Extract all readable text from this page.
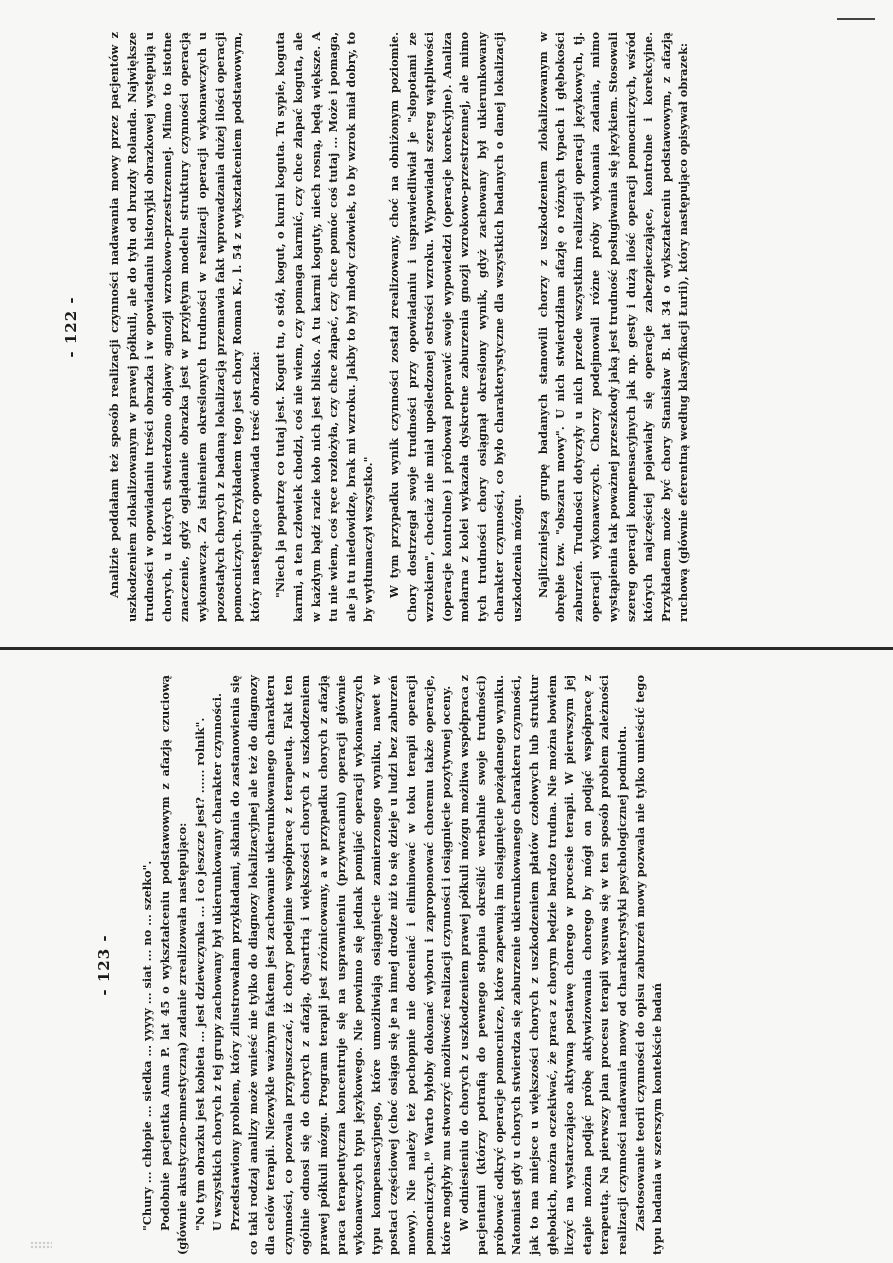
- 122 - Analizie poddałam też sposób realizacji czynności nadawania mowy przez pacjentów z uszkodzeniem zlokalizowanym w prawej półkuli, ale do tyłu od bruzdy Rolanda. Największe trudności w opowiadaniu treści obrazka i w opowiadaniu historyjki obrazkowej występują u chorych, u których stwierdzono objawy agnozji wzrokowo-przestrzennej. Mimo to istotne znaczenie, gdyż oglądanie obrazka jest w przyjętym modelu struktury czynności operacją wykonawczą. Za istnieniem określonych trudności w realizacji operacji wykonawczych u pozostałych chorych z badaną lokalizacją przemawia fakt wprowadzania dużej ilości operacji pomocniczych. Przykładem tego jest chory Roman K., l. 54 z wykształceniem podstawowym, który następująco opowiada treść obrazka: "Niech ja popatrzę co tutaj jest. Kogut tu, o stół, kogut, o kurni koguta. Tu sypie, koguta karmi, a ten człowiek chodzi, coś nie wiem, czy pomaga karmić, czy chce złapać koguta, ale w każdym bądź razie koło nich jest blisko. A tu karmi koguty, niech rosną, będą większe. A tu nie wiem, coś ręce rozłożyła, czy chce złapać, czy chce pomóc coś tutaj ... Może i pomaga, ale ja tu niedowidzę, brak mi wzroku. Jakby to był młody człowiek, to by wzrok miał dobry, to by wytłumaczył wszystko." W tym przypadku wynik czynności został zrealizowany, choć na obniżonym poziomie. Chory dostrzegał swoje trudności przy opowiadaniu i usprawiedliwiał je "słopotami ze wzrokiem", chociaż nie miał upośledzonej ostrości wzroku. Wypowiadał szereg wątpliwości (operacje kontrolne) i próbował poprawić swoje wypowiedzi (operacje korekcyjne). Analiza mołarna z kolei wykazała dyskretne zaburzenia gnozji wzrokowo-przestrzennej, ale mimo tych trudności chory osiągnął określony wynik, gdyż zachowany był ukierunkowany charakter czynności, co było charakterystyczne dla wszystkich badanych o danej lokalizacji uszkodzenia mózgu. Najliczniejszą grupę badanych stanowili chorzy z uszkodzeniem zlokalizowanym w obrębie tzw. "obszaru mowy". U nich stwierdziłam afazję o różnych typach i głębokości zaburzeń. Trudności dotyczyły u nich przede wszystkim realizacji operacji językowych, tj. operacji wykonawczych. Chorzy podejmowali różne próby wykonania zadania, mimo wystąpienia tak poważnej przeszkody jaką jest trudność posługiwania się językiem. Stosowali szereg operacji kompensacyjnych jak np. gesty i dużą ilość operacji pomocniczych, wśród których najczęściej pojawiały się operacje zabezpieczające, kontrolne i korekcyjne. Przykładem może być chory Stanisław B. lat 34 o wykształceniu podstawowym, z afazją ruchową (głównie eferentną według klasyfikacji Łurii), który następująco opisywał obrazek:

- 123 - "Chury ... chłopie ... siedka ... yyyyy ... siat ... no ... szełko". Podobnie pacjentka Anna P. lat 45 o wykształceniu podstawowym z afazją czuciową (głównie akustyczno-mnestyczną) zadanie zrealizowała następująco: "No tym obrazku jest kobieta ... jest dziewczynka ... i co jeszcze jest? ...... rolnik". U wszystkich chorych z tej grupy zachowany był ukierunkowany charakter czynności. Przedstawiony problem, który zilustrowałam przykładami, skłania do zastanowienia się co taki rodzaj analizy może wnieść nie tylko do diagnozy lokalizacyjnej ale też do diagnozy dla celów terapii. Niezwykle ważnym faktem jest zachowanie ukierunkowanego charakteru czynności, co pozwala przypuszczać, iż chory podejmie współpracę z terapeutą. Fakt ten ogólnie odnosi się do chorych z afazją, dysartrią i większości chorych z uszkodzeniem prawej półkuli mózgu. Program terapii jest zróżnicowany, a w przypadku chorych z afazją praca terapeutyczna koncentruje się na usprawnieniu (przywracaniu) operacji głównie wykonawczych typu językowego. Nie powinno się jednak pomijać operacji wykonawczych typu kompensacyjnego, które umożliwiają osiągnięcie zamierzonego wyniku, nawet w postaci częściowej (choć osiąga się je na innej drodze niż to się dzieje u ludzi bez zaburzeń mowy). Nie należy też pochopnie nie doceniać i eliminować w toku terapii operacji pomocniczych.¹⁰ Warto byłoby dokonać wyboru i zaproponować choremu także operacje, które mogłyby mu stworzyć możliwość realizacji czynności i osiągnięcie pozytywnej oceny. W odniesieniu do chorych z uszkodzeniem prawej półkuli mózgu możliwa współpraca z pacjentami (którzy potrafią do pewnego stopnia określić werbalnie swoje trudności) próbować odkryć operacje pomocnicze, które zapewnią im osiągnięcie pożądanego wyniku. Natomiast gdy u chorych stwierdza się zaburzenie ukierunkowanego charakteru czynności, jak to ma miejsce u większości chorych z uszkodzeniem płatów czołowych lub struktur głębokich, można oczekiwać, że praca z chorym będzie bardzo trudna. Nie można bowiem liczyć na wystarczająco aktywną postawę chorego w procesie terapii. W pierwszym jej etapie można podjąć próbę aktywizowania chorego by mógł on podjąć współpracę z terapeutą. Na pierwszy plan procesu terapii wysuwa się w ten sposób problem zależności realizacji czynności nadawania mowy od charakterystyki psychologicznej podmiotu. Zastosowanie teorii czynności do opisu zaburzeń mowy pozwala nie tylko umieścić tego typu badania w szerszym kontekście badań
